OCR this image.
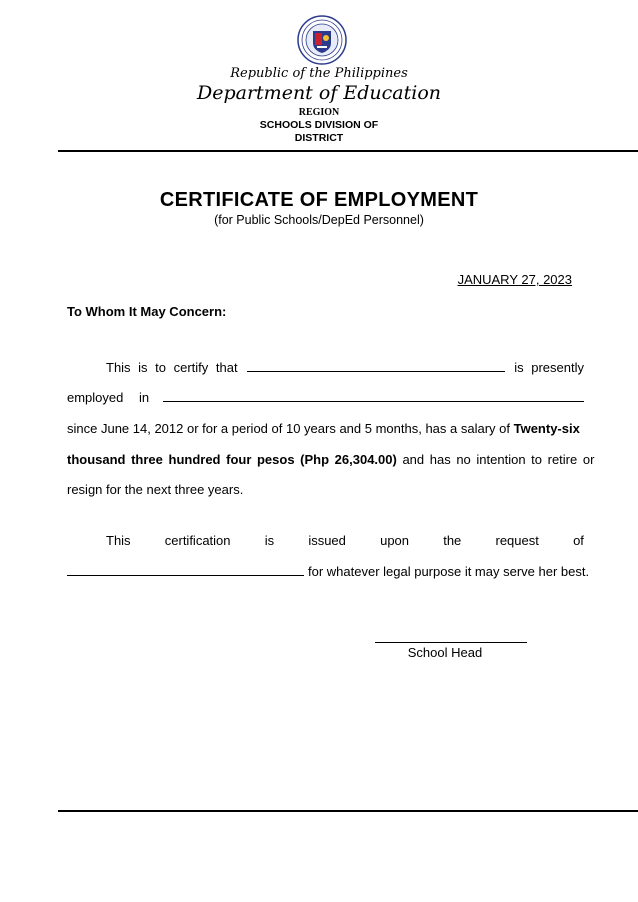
Republic of the Philippines
Department of Education
REGION
SCHOOLS DIVISION OF
DISTRICT
CERTIFICATE OF EMPLOYMENT
(for Public Schools/DepEd Personnel)
JANUARY 27, 2023
To Whom It May Concern:
This is to certify that	is presently
employed in
since June 14, 2012 or for a period of 10 years and 5 months, has a salary of Twenty-six
thousand three hundred four pesos (Php 26,304.00) and has no intention to retire or
resign for the next three years.
This	certification	is	issued	upon	the	request	of
for whatever legal purpose it may serve her best.
School Head
